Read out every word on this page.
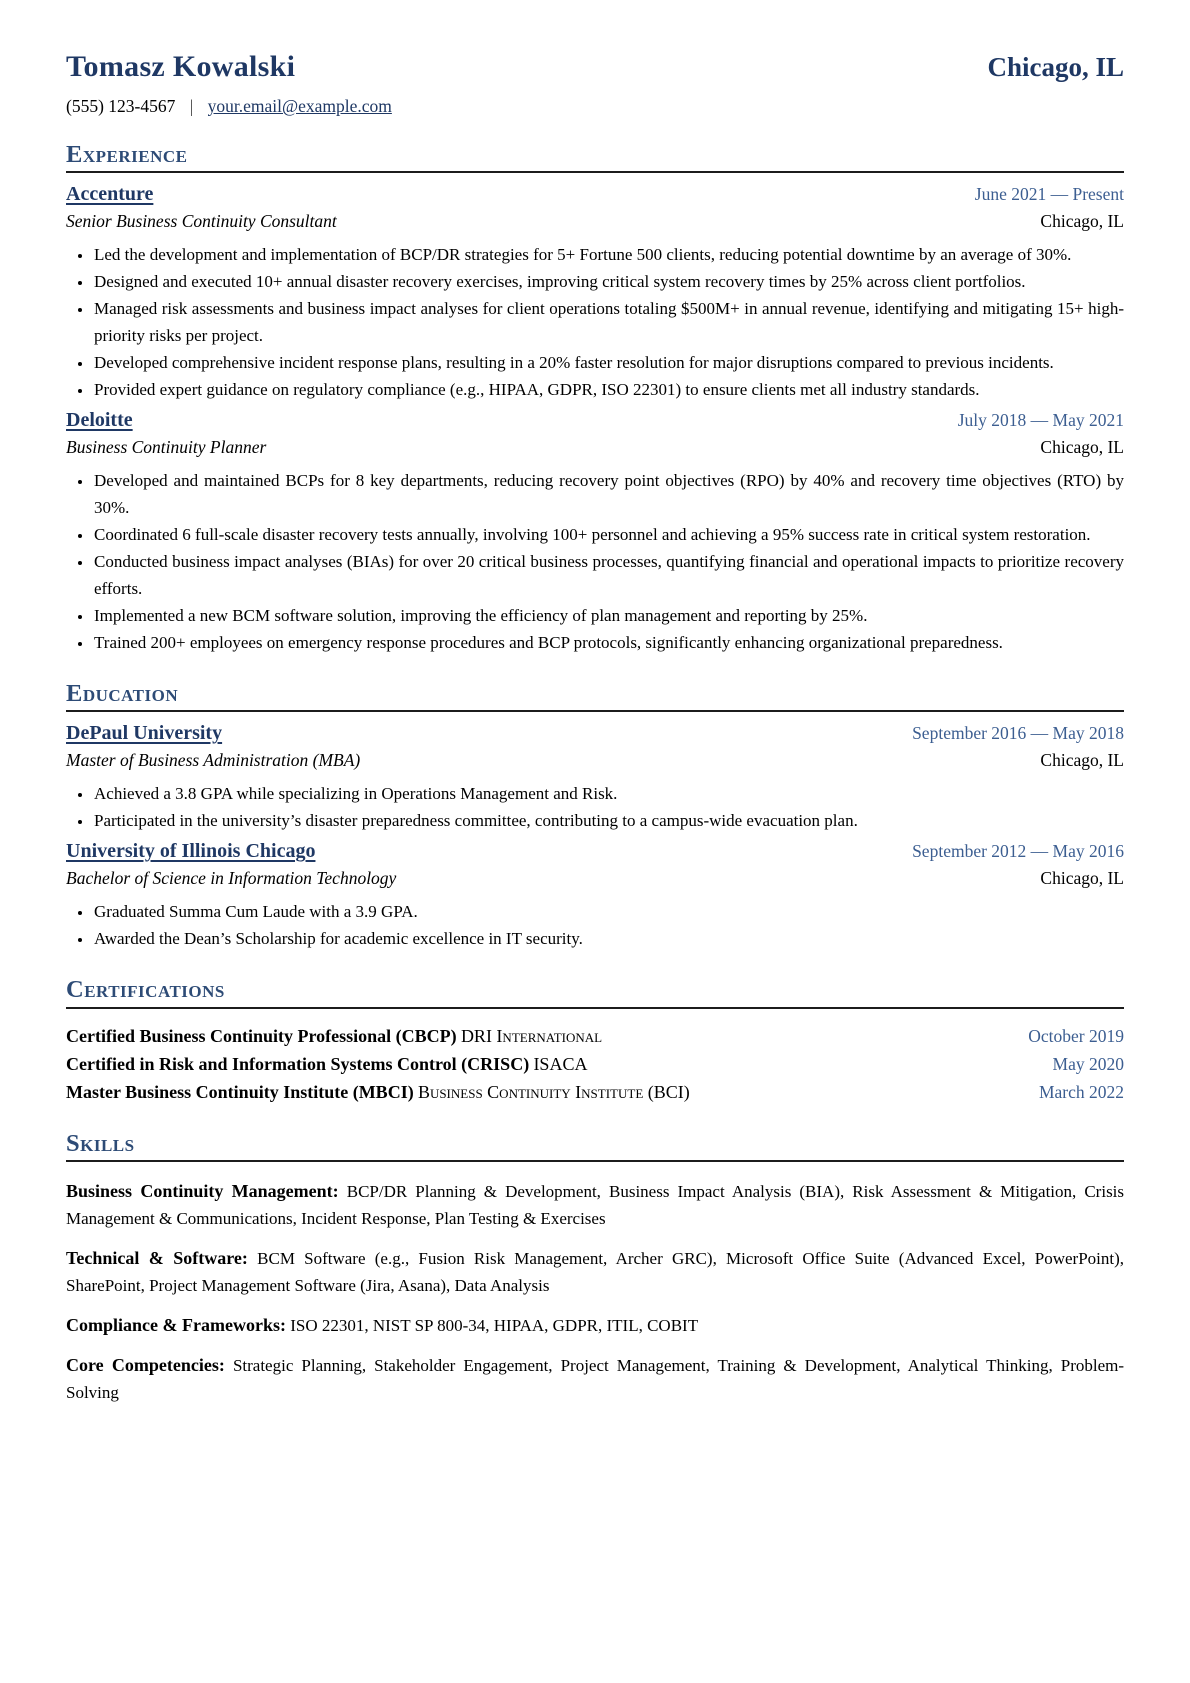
Tomasz Kowalski	Chicago, IL
(555) 123-4567 | your.email@example.com
Experience
Accenture	June 2021 — Present
Senior Business Continuity Consultant	Chicago, IL
• Led the development and implementation of BCP/DR strategies for 5+ Fortune 500 clients, reducing potential downtime by an average of 30%.
• Designed and executed 10+ annual disaster recovery exercises, improving critical system recovery times by 25% across client portfolios.
• Managed risk assessments and business impact analyses for client operations totaling $500M+ in annual revenue, identifying and mitigating 15+ high-priority risks per project.
• Developed comprehensive incident response plans, resulting in a 20% faster resolution for major disruptions compared to previous incidents.
• Provided expert guidance on regulatory compliance (e.g., HIPAA, GDPR, ISO 22301) to ensure clients met all industry standards.
Deloitte	July 2018 — May 2021
Business Continuity Planner	Chicago, IL
• Developed and maintained BCPs for 8 key departments, reducing recovery point objectives (RPO) by 40% and recovery time objectives (RTO) by 30%.
• Coordinated 6 full-scale disaster recovery tests annually, involving 100+ personnel and achieving a 95% success rate in critical system restoration.
• Conducted business impact analyses (BIAs) for over 20 critical business processes, quantifying financial and operational impacts to prioritize recovery efforts.
• Implemented a new BCM software solution, improving the efficiency of plan management and reporting by 25%.
• Trained 200+ employees on emergency response procedures and BCP protocols, significantly enhancing organizational preparedness.
Education
DePaul University	September 2016 — May 2018
Master of Business Administration (MBA)	Chicago, IL
• Achieved a 3.8 GPA while specializing in Operations Management and Risk.
• Participated in the university’s disaster preparedness committee, contributing to a campus-wide evacuation plan.
University of Illinois Chicago	September 2012 — May 2016
Bachelor of Science in Information Technology	Chicago, IL
• Graduated Summa Cum Laude with a 3.9 GPA.
• Awarded the Dean’s Scholarship for academic excellence in IT security.
Certifications
Certified Business Continuity Professional (CBCP) DRI International	October 2019
Certified in Risk and Information Systems Control (CRISC) ISACA	May 2020
Master Business Continuity Institute (MBCI) Business Continuity Institute (BCI)	March 2022
Skills

Business Continuity Management: BCP/DR Planning & Development, Business Impact Analysis (BIA), Risk Assessment & Mitigation, Crisis Management & Communications, Incident Response, Plan Testing & Exercises

Technical & Software: BCM Software (e.g., Fusion Risk Management, Archer GRC), Microsoft Office Suite (Advanced Excel, PowerPoint), SharePoint, Project Management Software (Jira, Asana), Data Analysis

Compliance & Frameworks: ISO 22301, NIST SP 800-34, HIPAA, GDPR, ITIL, COBIT

Core Competencies: Strategic Planning, Stakeholder Engagement, Project Management, Training & Development, Analytical Thinking, Problem-Solving
